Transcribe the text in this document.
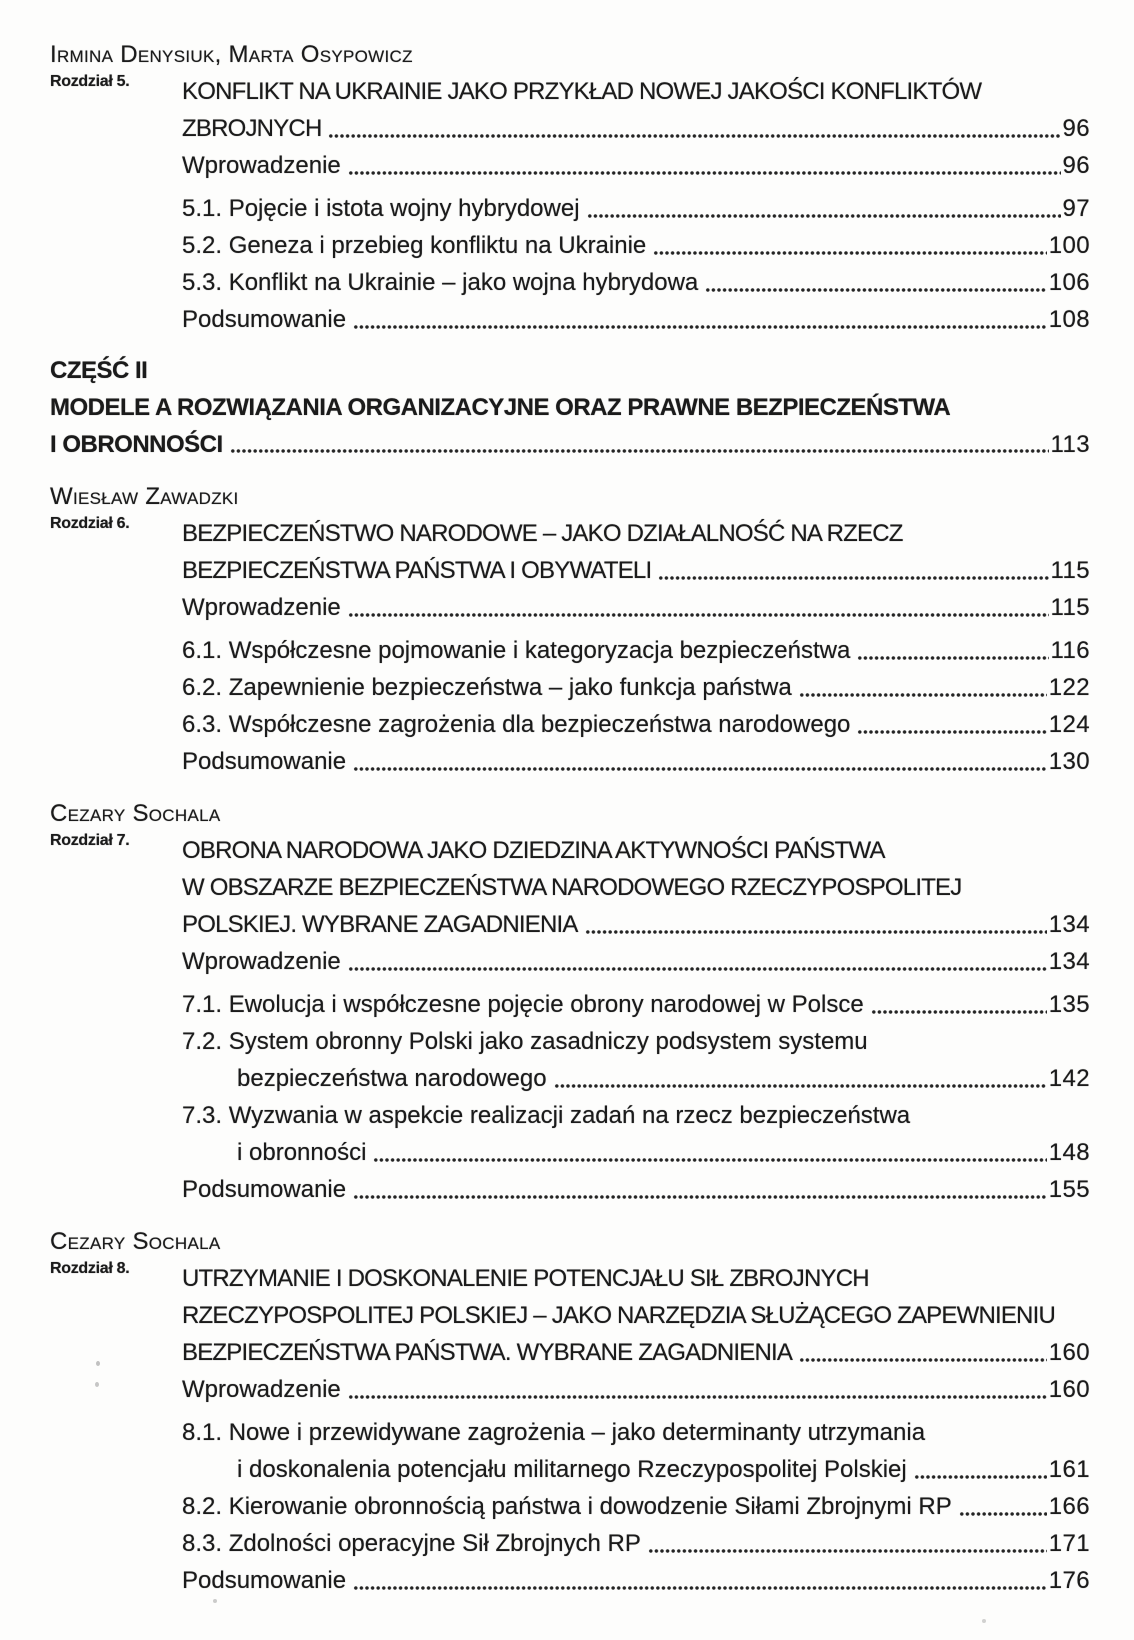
Irmina Denysiuk, Marta Osypowicz
Rozdział 5.	KONFLIKT NA UKRAINIE JAKO PRZYKŁAD NOWEJ JAKOŚCI KONFLIKTÓW
ZBROJNYCH	96
Wprowadzenie	96
5.1. Pojęcie i istota wojny hybrydowej	97
5.2. Geneza i przebieg konfliktu na Ukrainie	100
5.3. Konflikt na Ukrainie – jako wojna hybrydowa	106
Podsumowanie	108
CZĘŚĆ II
MODELE A ROZWIĄZANIA ORGANIZACYJNE ORAZ PRAWNE BEZPIECZEŃSTWA
I OBRONNOŚCI	113
Wiesław Zawadzki
Rozdział 6.	BEZPIECZEŃSTWO NARODOWE – JAKO DZIAŁALNOŚĆ NA RZECZ
BEZPIECZEŃSTWA PAŃSTWA I OBYWATELI	115
Wprowadzenie	115
6.1. Współczesne pojmowanie i kategoryzacja bezpieczeństwa	116
6.2. Zapewnienie bezpieczeństwa – jako funkcja państwa	122
6.3. Współczesne zagrożenia dla bezpieczeństwa narodowego	124
Podsumowanie	130
Cezary Sochala
Rozdział 7.	OBRONA NARODOWA JAKO DZIEDZINA AKTYWNOŚCI PAŃSTWA
W OBSZARZE BEZPIECZEŃSTWA NARODOWEGO RZECZYPOSPOLITEJ
POLSKIEJ. WYBRANE ZAGADNIENIA	134
Wprowadzenie	134
7.1. Ewolucja i współczesne pojęcie obrony narodowej w Polsce	135
7.2. System obronny Polski jako zasadniczy podsystem systemu
bezpieczeństwa narodowego	142
7.3. Wyzwania w aspekcie realizacji zadań na rzecz bezpieczeństwa
i obronności	148
Podsumowanie	155
Cezary Sochala
Rozdział 8.	UTRZYMANIE I DOSKONALENIE POTENCJAŁU SIŁ ZBROJNYCH
RZECZYPOSPOLITEJ POLSKIEJ – JAKO NARZĘDZIA SŁUŻĄCEGO ZAPEWNIENIU
BEZPIECZEŃSTWA PAŃSTWA. WYBRANE ZAGADNIENIA	160
Wprowadzenie	160
8.1. Nowe i przewidywane zagrożenia – jako determinanty utrzymania
i doskonalenia potencjału militarnego Rzeczypospolitej Polskiej	161
8.2. Kierowanie obronnością państwa i dowodzenie Siłami Zbrojnymi RP	166
8.3. Zdolności operacyjne Sił Zbrojnych RP	171
Podsumowanie	176
